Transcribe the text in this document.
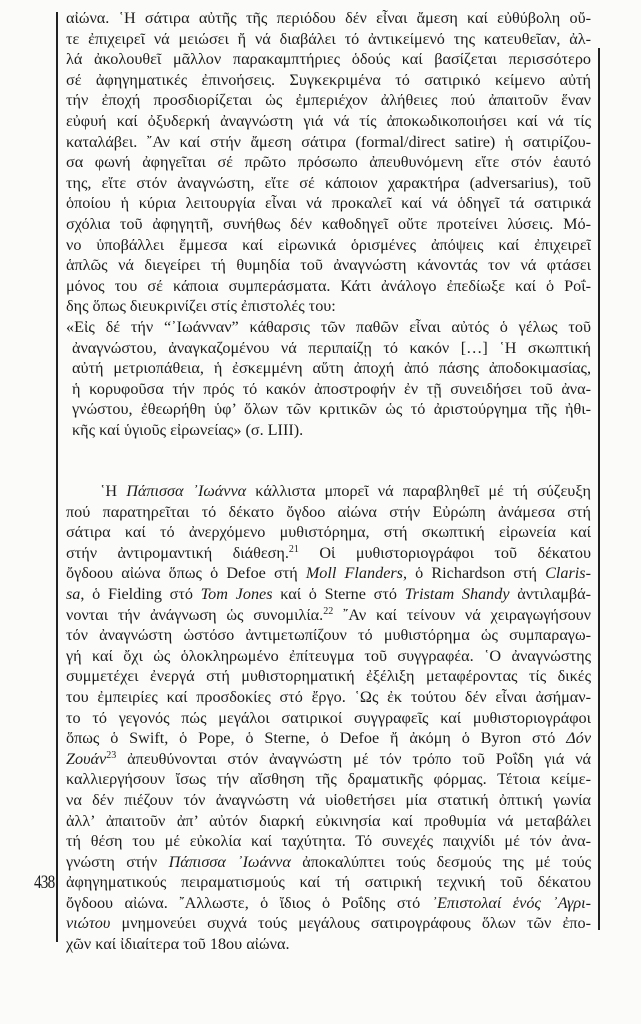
438
αἰώνα. ῾Η σάτιρα αὐτῆς τῆς περιόδου δέν εἶναι ἄμεση καί εὐθύβολη οὔ-
τε ἐπιχειρεῖ νά μειώσει ἤ νά διαβάλει τό ἀντικείμενό της κατευθεῖαν, ἀλ-
λά ἀκολουθεῖ μᾶλλον παρακαμπτήριες ὁδούς καί βασίζεται περισσότερο
σέ ἀφηγηματικές ἐπινοήσεις. Συγκεκριμένα τό σατιρικό κείμενο αὐτή
τήν ἐποχή προσδιορίζεται ὡς ἐμπεριέχον ἀλήθειες πού ἀπαιτοῦν ἕναν
εὐφυή καί ὀξυδερκή ἀναγνώστη γιά νά τίς ἀποκωδικοποιήσει καί νά τίς
καταλάβει. ῎Αν καί στήν ἄμεση σάτιρα (formal/direct satire) ἡ σατιρίζου-
σα φωνή ἀφηγεῖται σέ πρῶτο πρόσωπο ἀπευθυνόμενη εἴτε στόν ἑαυτό
της, εἴτε στόν ἀναγνώστη, εἴτε σέ κάποιον χαρακτήρα (adversarius), τοῦ
ὁποίου ἡ κύρια λειτουργία εἶναι νά προκαλεῖ καί νά ὁδηγεῖ τά σατιρικά
σχόλια τοῦ ἀφηγητῆ, συνήθως δέν καθοδηγεῖ οὔτε προτείνει λύσεις. Μό-
νο ὑποβάλλει ἔμμεσα καί εἰρωνικά ὁρισμένες ἀπόψεις καί ἐπιχειρεῖ
ἁπλῶς νά διεγείρει τή θυμηδία τοῦ ἀναγνώστη κάνοντάς τον νά φτάσει
μόνος του σέ κάποια συμπεράσματα. Κάτι ἀνάλογο ἐπεδίωξε καί ὁ Ροΐ-
δης ὅπως διευκρινίζει στίς ἐπιστολές του:
«Εἰς δέ τήν “᾿Ιωάνναν” κάθαρσις τῶν παθῶν εἶναι αὐτός ὁ γέλως τοῦ
ἀναγνώστου, ἀναγκαζομένου νά περιπαίζῃ τό κακόν […] ῾Η σκωπτική
αὐτή μετριοπάθεια, ἡ ἐσκεμμένη αὕτη ἀποχή ἀπό πάσης ἀποδοκιμασίας,
ἡ κορυφοῦσα τήν πρός τό κακόν ἀποστροφήν ἐν τῇ συνειδήσει τοῦ ἀνα-
γνώστου, ἐθεωρήθη ὑφ’ ὅλων τῶν κριτικῶν ὡς τό ἀριστούργημα τῆς ἠθι-
κῆς καί ὑγιοῦς εἰρωνείας» (σ. LIII).
῾Η Πάπισσα ᾿Ιωάννα κάλλιστα μπορεῖ νά παραβληθεῖ μέ τή σύζευξη
πού παρατηρεῖται τό δέκατο ὄγδοο αἰώνα στήν Εὐρώπη ἀνάμεσα στή
σάτιρα καί τό ἀνερχόμενο μυθιστόρημα, στή σκωπτική εἰρωνεία καί
στήν ἀντιρομαντική διάθεση.$^{21}$ Οἱ μυθιστοριογράφοι τοῦ δέκατου
ὄγδοου αἰώνα ὅπως ὁ Defoe στή Moll Flanders, ὁ Richardson στή Claris-
sa, ὁ Fielding στό Tom Jones καί ὁ Sterne στό Tristam Shandy ἀντιλαμβά-
νονται τήν ἀνάγνωση ὡς συνομιλία.$^{22}$ ῎Αν καί τείνουν νά χειραγωγήσουν
τόν ἀναγνώστη ὡστόσο ἀντιμετωπίζουν τό μυθιστόρημα ὡς συμπαραγω-
γή καί ὄχι ὡς ὁλοκληρωμένο ἐπίτευγμα τοῦ συγγραφέα. ῾Ο ἀναγνώστης
συμμετέχει ἐνεργά στή μυθιστορηματική ἐξέλιξη μεταφέροντας τίς δικές
του ἐμπειρίες καί προσδοκίες στό ἔργο. ῾Ως ἐκ τούτου δέν εἶναι ἀσήμαν-
το τό γεγονός πώς μεγάλοι σατιρικοί συγγραφεῖς καί μυθιστοριογράφοι
ὅπως ὁ Swift, ὁ Pope, ὁ Sterne, ὁ Defoe ἤ ἀκόμη ὁ Byron στό Δόν
Ζουάν$^{23}$ ἀπευθύνονται στόν ἀναγνώστη μέ τόν τρόπο τοῦ Ροΐδη γιά νά
καλλιεργήσουν ἴσως τήν αἴσθηση τῆς δραματικῆς φόρμας. Τέτοια κείμε-
να δέν πιέζουν τόν ἀναγνώστη νά υἱοθετήσει μία στατική ὀπτική γωνία
ἀλλ’ ἀπαιτοῦν ἀπ’ αὐτόν διαρκή εὐκινησία καί προθυμία νά μεταβάλει
τή θέση του μέ εὐκολία καί ταχύτητα. Τό συνεχές παιχνίδι μέ τόν ἀνα-
γνώστη στήν Πάπισσα ᾿Ιωάννα ἀποκαλύπτει τούς δεσμούς της μέ τούς
ἀφηγηματικούς πειραματισμούς καί τή σατιρική τεχνική τοῦ δέκατου
ὄγδοου αἰώνα. ῎Αλλωστε, ὁ ἴδιος ὁ Ροΐδης στό ᾿Επιστολαί ἑνός ᾿Αγρι-
νιώτου μνημονεύει συχνά τούς μεγάλους σατιρογράφους ὅλων τῶν ἐπο-
χῶν καί ἰδιαίτερα τοῦ 18ου αἰώνα.
